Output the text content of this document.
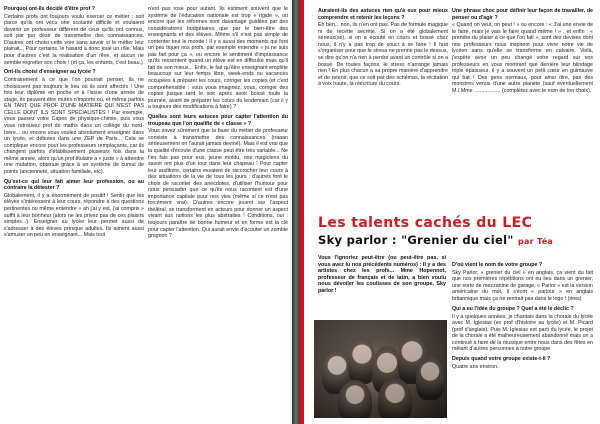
Pourquoi ont-ils décidé d'être prof ?

Certains profs ont toujours voulu exercer ce métier : soit parce qu'ils ont vécu une scolarité difficile et voulaient devenir un professeur différent de ceux qu'ils ont connus, soit par pur désir de transmettre des connaissances. D'autres ont choisi cette voie sans savoir si le métier leur plairait... Pour certains, le hasard a donc joué un rôle. Mais pour d'autres c'est la réalisation d'un rêve, et aucun ne semble regretter son choix ! (et ça, les enfants, c'est beau.)

Ont-ils choisi d'enseigner au lycée ?

Contrairement à ce que l'on pourrait penser, ils ne choisissent pas toujours le lieu où ils sont affectés ! Une fois leur diplôme en poche et à l'issue d'une année de stage, ils peuvent être mutés n'importe où, et même parfois EN TANT QUE PROF D'UNE MATIERE QUI N'EST PAS CELLE DONT ILS SONT SPECIALISTES ! Par exemple, vous passez votre Capes de physique-chimie, puis vous vous retrouvez prof de maths dans un collège du nord-Isère... ou encore vous voulez absolument enseigner dans un lycée, et débutez dans une ZEP de Paris... Cela se complique encore pour les professeurs remplaçants, car ils changent parfois d'établissement plusieurs fois dans la même année, alors qu'un prof titulaire a « juste » à attendre une mutation, obtenue grâce à un système de cumul de points (ancienneté, situation familiale, etc).

Qu'est-ce qui leur fait aimer leur profession, ou au contraire la détester ?

Globalement, il y a énormément de positif ! Sentir que les élèves s'intéressent à leur cours, répondre à des questions pertinentes ou même entendre « ah j'ai y est, j'ai compris » suffit à leur bonheur (alors ne les privez pas de ces plaisirs simples...). Enseigner au lycée leur permet aussi de s'adresser à des élèves presque adultes. Ils aiment aussi s'amuser un peu en enseignant... Mais tout

n'est pas rose pour autant. Ils estiment souvent que le système de l'éducation nationale est trop « rigide », ou encore que les réformes sont davantage guidées par des considérations budgétaires que par le bien-être des enseignants et des élèves. Même s'il n'est pas simple de contenter tout le monde ! Il y a aussi des moments qui font un peu tiquer nos profs, par exemple entendre « je ne suis pas fait pour ça », ou encore le sentiment d'impuissance qu'ils ressentent quand un élève est en difficulté mais qu'il fait de son mieux... Enfin, le fait qu'être enseignant emplète beaucoup sur leur temps libre, week-ends ou vacances occupées à préparer les cours, corriger les copies (et c'est compréhensible : vous vous imaginez, vous, corriger des copies jusque tard le soir après avoir bossé toute la journée, avant de préparer les cours du lendemain (car il y a toujours des modifications à faire) ?

Quelles sont leurs astuces pour capter l'attention du troupeau que l'on qualifie de « classe » ?

Vous savez sûrement que la base du métier de professeur consiste à transmettre des connaissances (naaan sérieusement on l'aurait jamais deviné). Mais il est vrai que la qualité d'écoute d'une classe peut être très variable... Ne t'en fais pas pour eux, jeune moldu, nos magiciens du savoir ont plus d'un tour dans leur chapeau ! Pour capter leur auditoire, certains essaient de raccrocher leur cours à des situations de la vie de tous les jours : d'autres font le choix de raconter des anecdotes, d'utiliser l'humour pour nous persuader que ce qu'ils nous racontent est d'une importance capitale pour nos vies (même si ce n'est pas forcément vrai). D'autres encore jouent sur l'aspect théâtral, se transforment en acteurs pour donner un aspect vivant aux notions les plus abstraites ! Conditions, oui : toujours paraître de bonne humeur et en forme est la clé pour capter l'attention. Qui aurait envie d'écouter un zombie grognon ?

Auraient-ils des astuces rien qu'à eux pour mieux comprendre et retenir les leçons ?

Eh ben... non, ils n'en ont pas. Pas de formule magique ni de recette secrète. Si on a été globalement sérieux(se), si on a écouté en cours et bossé chez nous, il n'y a pas trop de souci à se faire ! Il faut s'organiser pour que le stress ne prenne pas le dessus, se dire qu'on n'a rien à perdre avant un contrôle si on a bossé. De toutes façons, le stress n'arrange jamais rien ! En plus chacun a sa propre manière d'apprendre et de retenir, que ce soit par des schémas, la récitation à voix haute, la réécriture du cours.

Une phrase choc pour définir leur façon de travailler, de penser ou d'agir ?

« Quand on veut, on peut ! » ou encore : « J'ai une envie de le faire, mais je vais le faire quand même ! » , et enfin : « prendre du plaisir à ce que l'on fait », sont des devises dont nos professeurs nous inspirent pour vivre notre vie de lycéen sans qu'elle se transforme en calvaire. Voilà, j'espère avoir un peu changé votre regard sur vos professeurs en vous montrant que derrière leur blindage triple épaisseur, il y a souvent un petit cœur en guimauve qui bat ! Des gens normaux, pour ainsi dire, pas des monstres venus d'une autre planète (sauf éventuellement M./ Mme .................. (complétez avec le nom de ton choix).

Les talents cachés du LEC
Sky parlor : "Grenier du ciel" par Téa
Vous l'ignoriez peut-être (ou peut-être pas, si vous avez lu nos précédents numéros) : Il y a des artistes chez les profs... Mme Hopennot, professeur de français et de latin, a bien voulu nous dévoiler les coulisses de son groupe, Sky parlor !

D'où vient le nom de votre groupe ?

Sky Parlor, « grenier du ciel » en anglais, ça vient du fait que nos premières répétitions ont eu lieu dans un grenier, une sorte de mezzanine de garage. « Parlor » est la version américaine du mot, il s'écrit « parlour » en anglais britannique mais ça ne rentrait pas dans le logo ! (rires)

Qui a eu l'idée du groupe ? Quel a été le déclic ?

Il y a quelques années, je chantais dans la chorale du lycée avec M. Iglesias (ex prof d'histoire au lycée) et M. Picard (prof d'anglais). Puis M. Iglesias est parti du lycée, le projet de la chorale a été malheureusement abandonné mais on a continué à faire de la musique entre nous dans des fêtes en mêlant d'autres personnes à notre groupe.

Depuis quand votre groupe existe-t-il ?

Quatre ans environ.
